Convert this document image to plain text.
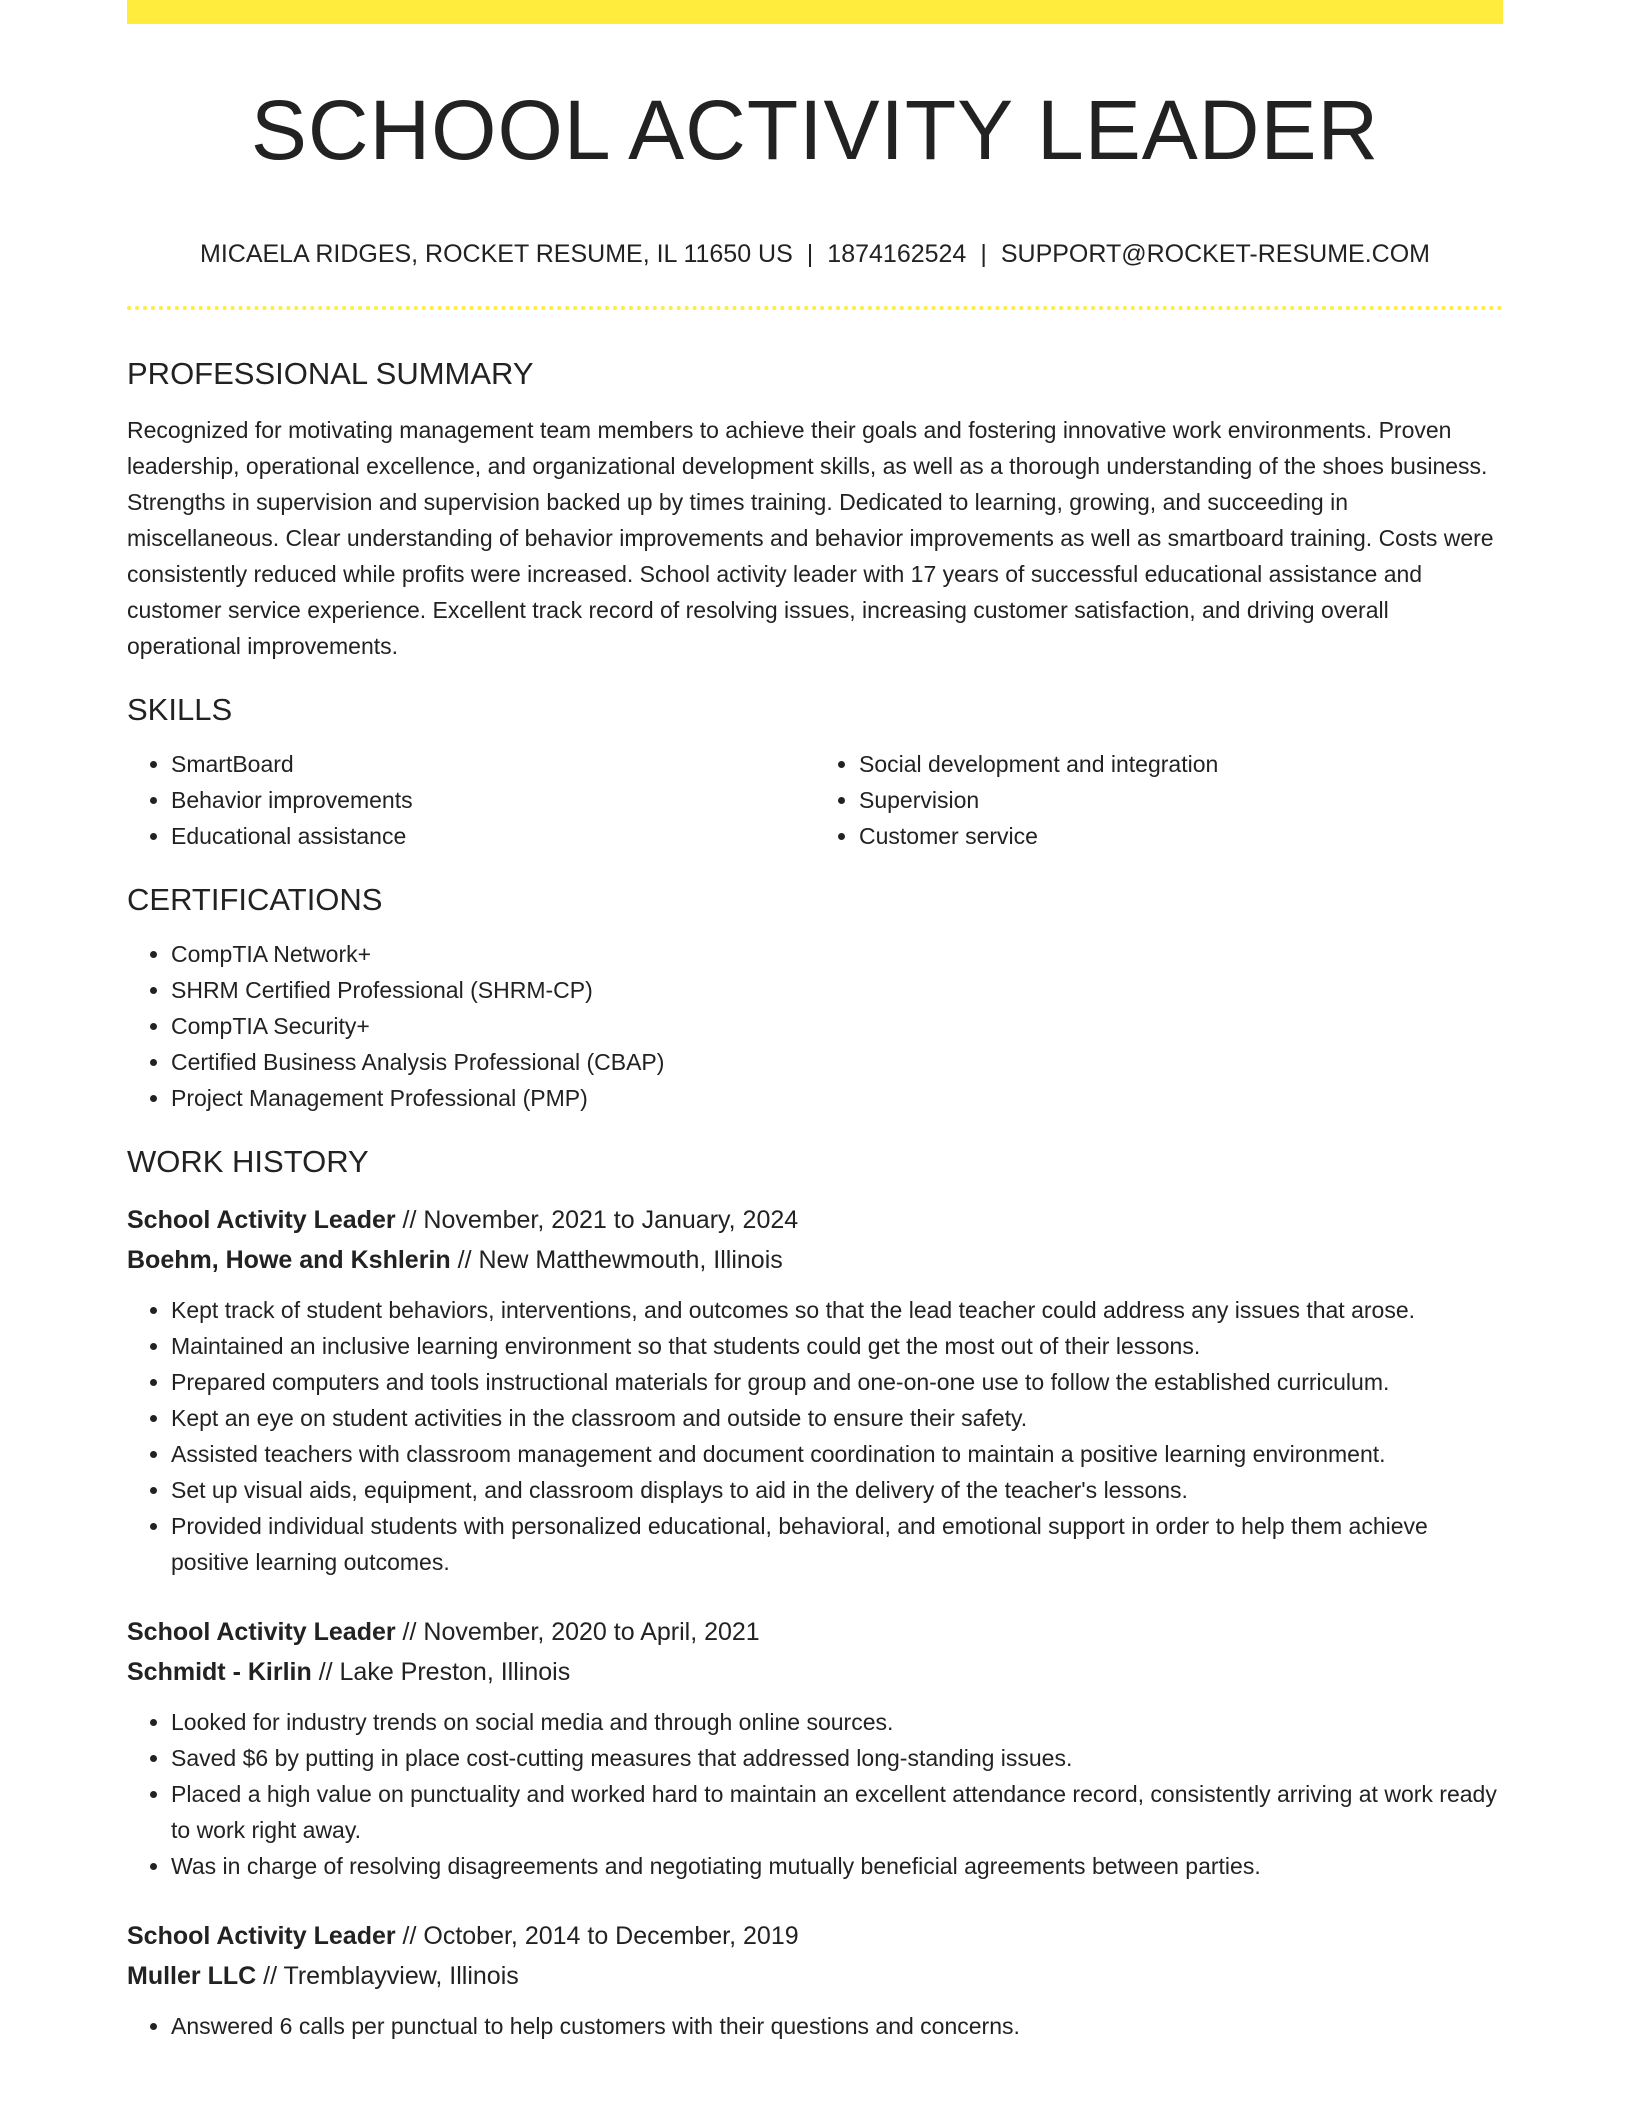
SCHOOL ACTIVITY LEADER
MICAELA RIDGES, ROCKET RESUME, IL 11650 US | 1874162524 | SUPPORT@ROCKET-RESUME.COM
PROFESSIONAL SUMMARY

Recognized for motivating management team members to achieve their goals and fostering innovative work environments. Proven leadership, operational excellence, and organizational development skills, as well as a thorough understanding of the shoes business. Strengths in supervision and supervision backed up by times training. Dedicated to learning, growing, and succeeding in miscellaneous. Clear understanding of behavior improvements and behavior improvements as well as smartboard training. Costs were consistently reduced while profits were increased. School activity leader with 17 years of successful educational assistance and customer service experience. Excellent track record of resolving issues, increasing customer satisfaction, and driving overall operational improvements.

SKILLS
• SmartBoard
• Behavior improvements
• Educational assistance
• Social development and integration
• Supervision
• Customer service
CERTIFICATIONS
• CompTIA Network+
• SHRM Certified Professional (SHRM-CP)
• CompTIA Security+
• Certified Business Analysis Professional (CBAP)
• Project Management Professional (PMP)
WORK HISTORY
School Activity Leader // November, 2021 to January, 2024
Boehm, Howe and Kshlerin // New Matthewmouth, Illinois
• Kept track of student behaviors, interventions, and outcomes so that the lead teacher could address any issues that arose.
• Maintained an inclusive learning environment so that students could get the most out of their lessons.
• Prepared computers and tools instructional materials for group and one-on-one use to follow the established curriculum.
• Kept an eye on student activities in the classroom and outside to ensure their safety.
• Assisted teachers with classroom management and document coordination to maintain a positive learning environment.
• Set up visual aids, equipment, and classroom displays to aid in the delivery of the teacher's lessons.
• Provided individual students with personalized educational, behavioral, and emotional support in order to help them achieve positive learning outcomes.
School Activity Leader // November, 2020 to April, 2021
Schmidt - Kirlin // Lake Preston, Illinois
• Looked for industry trends on social media and through online sources.
• Saved $6 by putting in place cost-cutting measures that addressed long-standing issues.
• Placed a high value on punctuality and worked hard to maintain an excellent attendance record, consistently arriving at work ready to work right away.
• Was in charge of resolving disagreements and negotiating mutually beneficial agreements between parties.
School Activity Leader // October, 2014 to December, 2019
Muller LLC // Tremblayview, Illinois
• Answered 6 calls per punctual to help customers with their questions and concerns.
